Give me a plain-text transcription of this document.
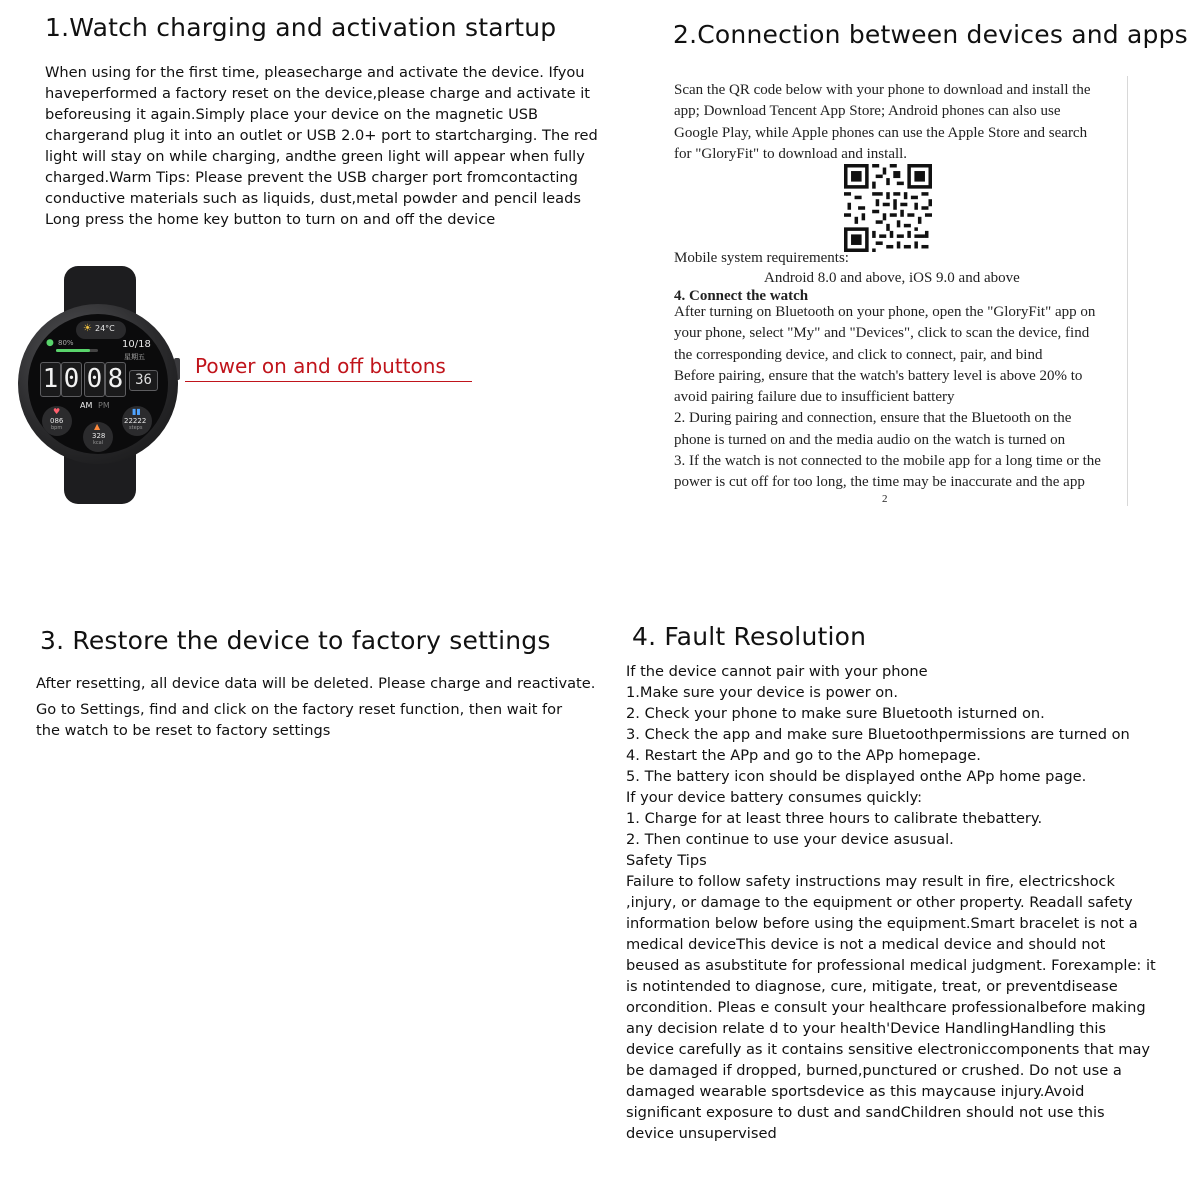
1.Watch charging and activation startup
When using for the first time, pleasecharge and activate the device. Ifyou
haveperformed a factory reset on the device,please charge and activate it
beforeusing it again.Simply place your device on the magnetic USB
chargerand plug it into an outlet or USB 2.0+ port to startcharging. The red
light will stay on while charging, andthe green light will appear when fully
charged.Warm Tips: Please prevent the USB charger port fromcontacting
conductive materials such as liquids, dust,metal powder and pencil leads
Long press the home key button to turn on and off the device
☀ 24°C
● 80%	10/18
星期五
1 0 0 8 36
AM PM
♥
086
bpm
▮▮
22222
steps
▲
328
kcal
Power on and off buttons
2.Connection between devices and apps
Scan the QR code below with your phone to download and install the
app; Download Tencent App Store; Android phones can also use
Google Play, while Apple phones can use the Apple Store and search
for "GloryFit" to download and install.
Mobile system requirements:
Android 8.0 and above, iOS 9.0 and above
4. Connect the watch
After turning on Bluetooth on your phone, open the "GloryFit" app on
your phone, select "My" and "Devices", click to scan the device, find
the corresponding device, and click to connect, pair, and bind
Before pairing, ensure that the watch's battery level is above 20% to
avoid pairing failure due to insufficient battery
2. During pairing and connection, ensure that the Bluetooth on the
phone is turned on and the media audio on the watch is turned on
3. If the watch is not connected to the mobile app for a long time or the
power is cut off for too long, the time may be inaccurate and the app
2
3. Restore the device to factory settings
After resetting, all device data will be deleted. Please charge and reactivate.
Go to Settings, find and click on the factory reset function, then wait for
the watch to be reset to factory settings
4. Fault Resolution
If the device cannot pair with your phone
1.Make sure your device is power on.
2. Check your phone to make sure Bluetooth isturned on.
3. Check the app and make sure Bluetoothpermissions are turned on
4. Restart the APp and go to the APp homepage.
5. The battery icon should be displayed onthe APp home page.
If your device battery consumes quickly:
1. Charge for at least three hours to calibrate thebattery.
2. Then continue to use your device asusual.
Safety Tips
Failure to follow safety instructions may result in fire, electricshock
,injury, or damage to the equipment or other property. Readall safety
information below before using the equipment.Smart bracelet is not a
medical deviceThis device is not a medical device and should not
beused as asubstitute for professional medical judgment. Forexample: it
is notintended to diagnose, cure, mitigate, treat, or preventdisease
orcondition. Pleas e consult your healthcare professionalbefore making
any decision relate d to your health'Device HandlingHandling this
device carefully as it contains sensitive electroniccomponents that may
be damaged if dropped, burned,punctured or crushed. Do not use a
damaged wearable sportsdevice as this maycause injury.Avoid
significant exposure to dust and sandChildren should not use this
device unsupervised
